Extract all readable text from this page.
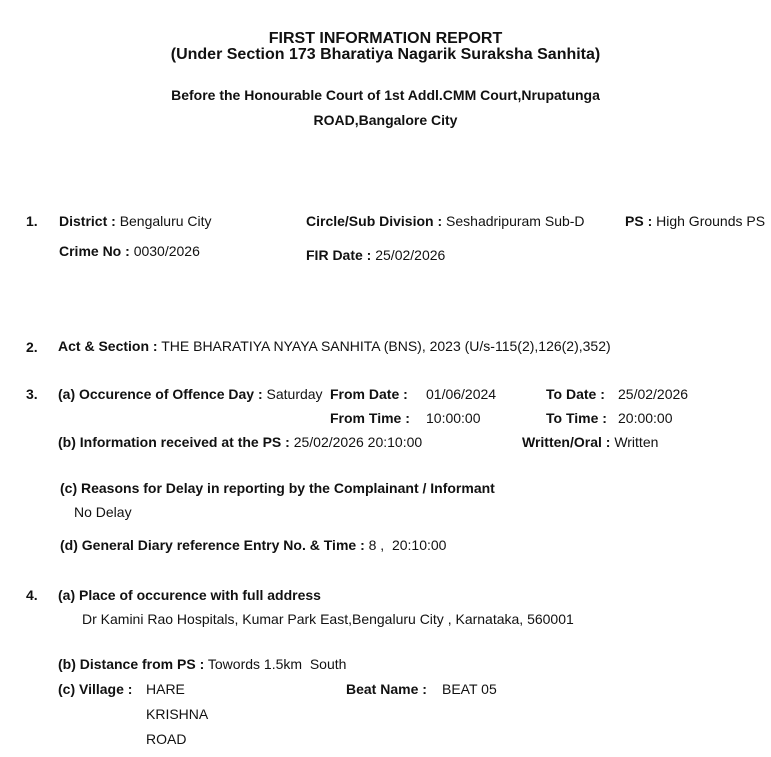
FIRST INFORMATION REPORT
(Under Section 173 Bharatiya Nagarik Suraksha Sanhita)
Before the Honourable Court of 1st Addl.CMM Court,Nrupatunga
ROAD,Bangalore City
1. District : Bengaluru City	Circle/Sub Division : Seshadripuram Sub-D	PS : High Grounds PS
Crime No : 0030/2026	FIR Date : 25/02/2026
2. Act & Section : THE BHARATIYA NYAYA SANHITA (BNS), 2023 (U/s-115(2),126(2),352)
3. (a) Occurence of Offence Day : Saturday From Date : 01/06/2024	To Date : 25/02/2026
From Time : 10:00:00	To Time : 20:00:00
(b) Information received at the PS : 25/02/2026 20:10:00	Written/Oral : Written
(c) Reasons for Delay in reporting by the Complainant / Informant
No Delay
(d) General Diary reference Entry No. & Time : 8 ,  20:10:00
4. (a) Place of occurence with full address
Dr Kamini Rao Hospitals, Kumar Park East,Bengaluru City , Karnataka, 560001
(b) Distance from PS : Towords 1.5km  South
(c) Village : HARE
KRISHNA
ROAD
Beat Name : BEAT 05
